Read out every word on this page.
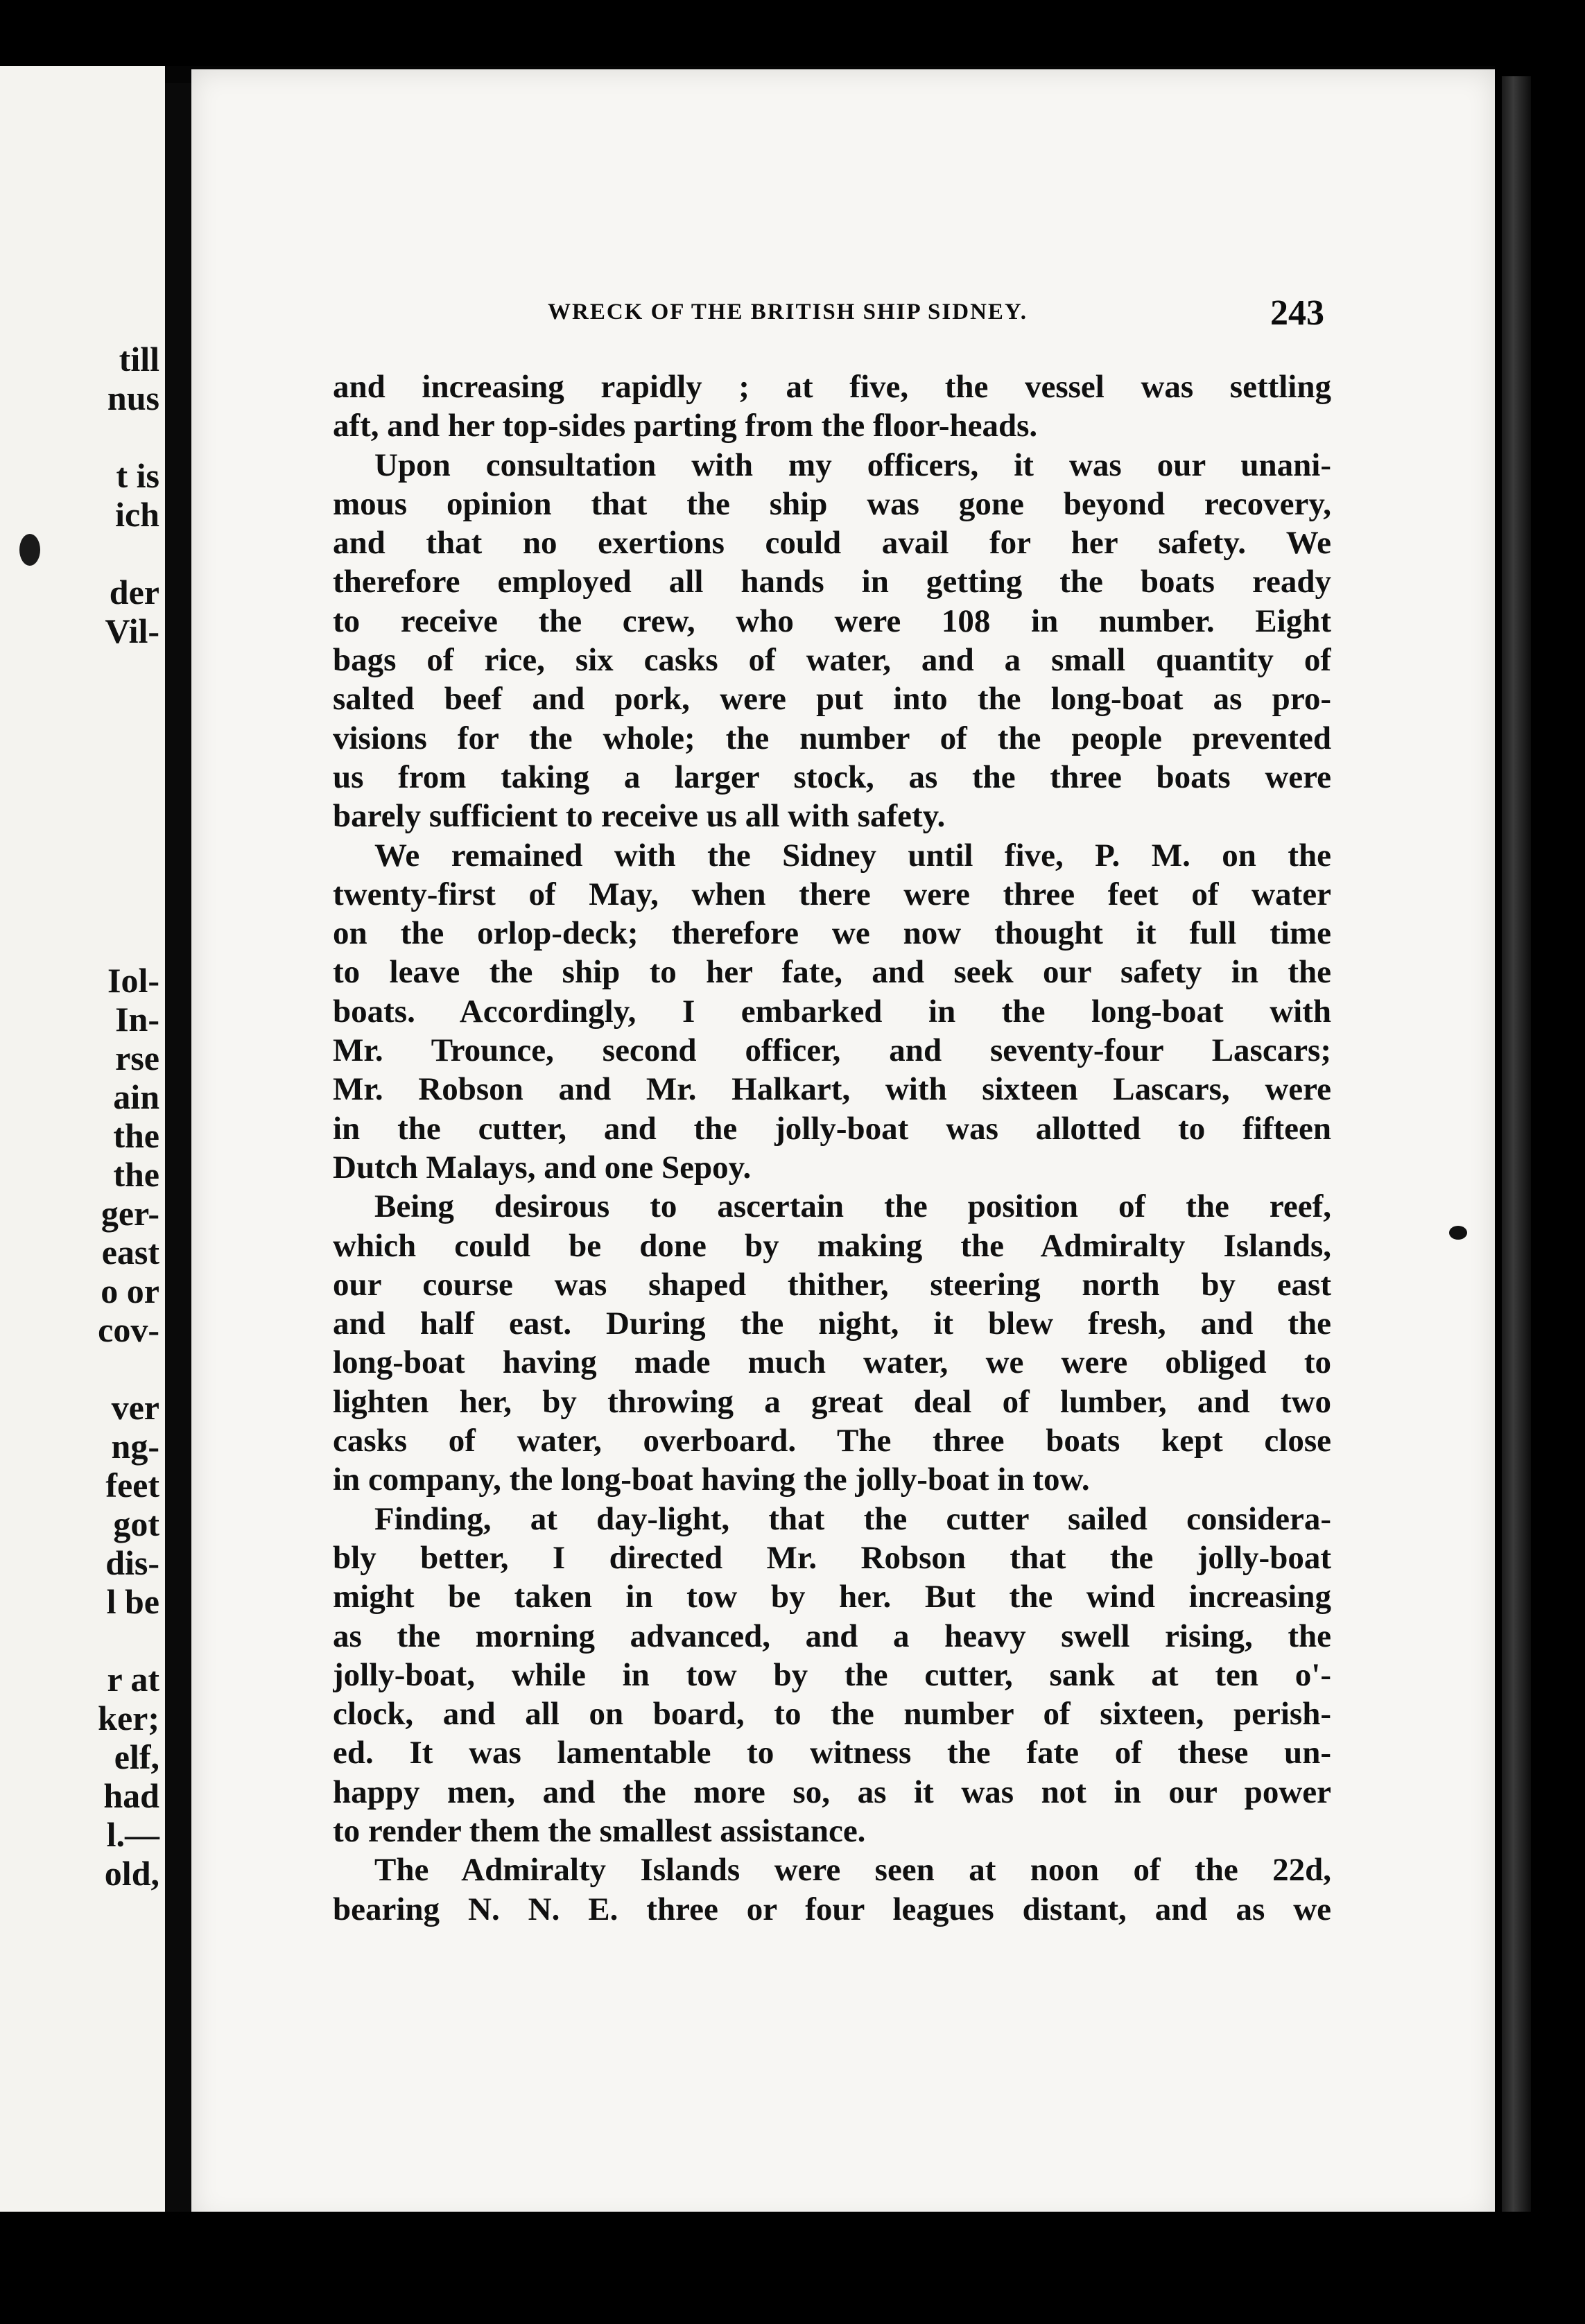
till
nus
t is
ich
der
Vil-
Iol-
In-
rse
ain
the
the
ger-
east
o or
cov-
ver
ng-
feet
got
dis-
l be
r at
ker;
elf,
had
l.—
old,
WRECK OF THE BRITISH SHIP SIDNEY.	243
and increasing rapidly ; at five, the vessel was settling
aft, and her top-sides parting from the floor-heads.
Upon consultation with my officers, it was our unani-
mous opinion that the ship was gone beyond recovery,
and that no exertions could avail for her safety. We
therefore employed all hands in getting the boats ready
to receive the crew, who were 108 in number. Eight
bags of rice, six casks of water, and a small quantity of
salted beef and pork, were put into the long-boat as pro-
visions for the whole; the number of the people prevented
us from taking a larger stock, as the three boats were
barely sufficient to receive us all with safety.
We remained with the Sidney until five, P. M. on the
twenty-first of May, when there were three feet of water
on the orlop-deck; therefore we now thought it full time
to leave the ship to her fate, and seek our safety in the
boats. Accordingly, I embarked in the long-boat with
Mr. Trounce, second officer, and seventy-four Lascars;
Mr. Robson and Mr. Halkart, with sixteen Lascars, were
in the cutter, and the jolly-boat was allotted to fifteen
Dutch Malays, and one Sepoy.
Being desirous to ascertain the position of the reef,
which could be done by making the Admiralty Islands,
our course was shaped thither, steering north by east
and half east. During the night, it blew fresh, and the
long-boat having made much water, we were obliged to
lighten her, by throwing a great deal of lumber, and two
casks of water, overboard. The three boats kept close
in company, the long-boat having the jolly-boat in tow.
Finding, at day-light, that the cutter sailed considera-
bly better, I directed Mr. Robson that the jolly-boat
might be taken in tow by her. But the wind increasing
as the morning advanced, and a heavy swell rising, the
jolly-boat, while in tow by the cutter, sank at ten o'-
clock, and all on board, to the number of sixteen, perish-
ed. It was lamentable to witness the fate of these un-
happy men, and the more so, as it was not in our power
to render them the smallest assistance.
The Admiralty Islands were seen at noon of the 22d,
bearing N. N. E. three or four leagues distant, and as we
